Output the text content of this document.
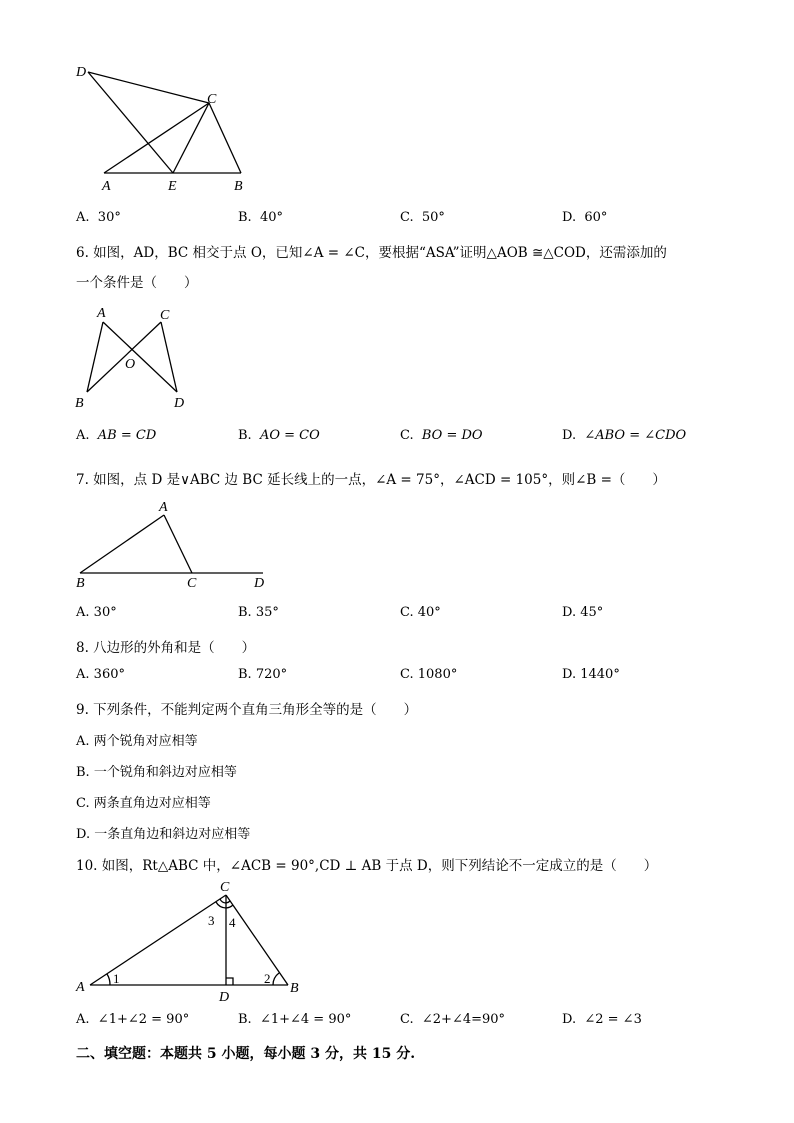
D
C
A	E	B
A. 30°	B. 40°	C. 50°	D. 60°
6. 如图，AD，BC 相交于点 O，已知∠A = ∠C，要根据“ASA”证明△AOB ≅△COD，还需添加的
一个条件是（　　）
A	C
O
B	D
A. AB = CD	B. AO = CO	C. BO = DO	D. ∠ABO = ∠CDO
7. 如图，点 D 是∨ABC 边 BC 延长线上的一点，∠A = 75°，∠ACD = 105°，则∠B =（　　）
A
B	C	D
A. 30°	B. 35°	C. 40°	D. 45°
8. 八边形的外角和是（　　）
A. 360°	B. 720°	C. 1080°	D. 1440°
9. 下列条件，不能判定两个直角三角形全等的是（　　）
A. 两个锐角对应相等
B. 一个锐角和斜边对应相等
C. 两条直角边对应相等
D. 一条直角边和斜边对应相等
10. 如图，Rt△ABC 中，∠ACB = 90°,CD ⊥ AB 于点 D，则下列结论不一定成立的是（　　）
C
3 4
A
1
D
2
B
A. ∠1+∠2 = 90°	B. ∠1+∠4 = 90°	C. ∠2+∠4=90°	D. ∠2 = ∠3
二、填空题：本题共 5 小题，每小题 3 分，共 15 分.
